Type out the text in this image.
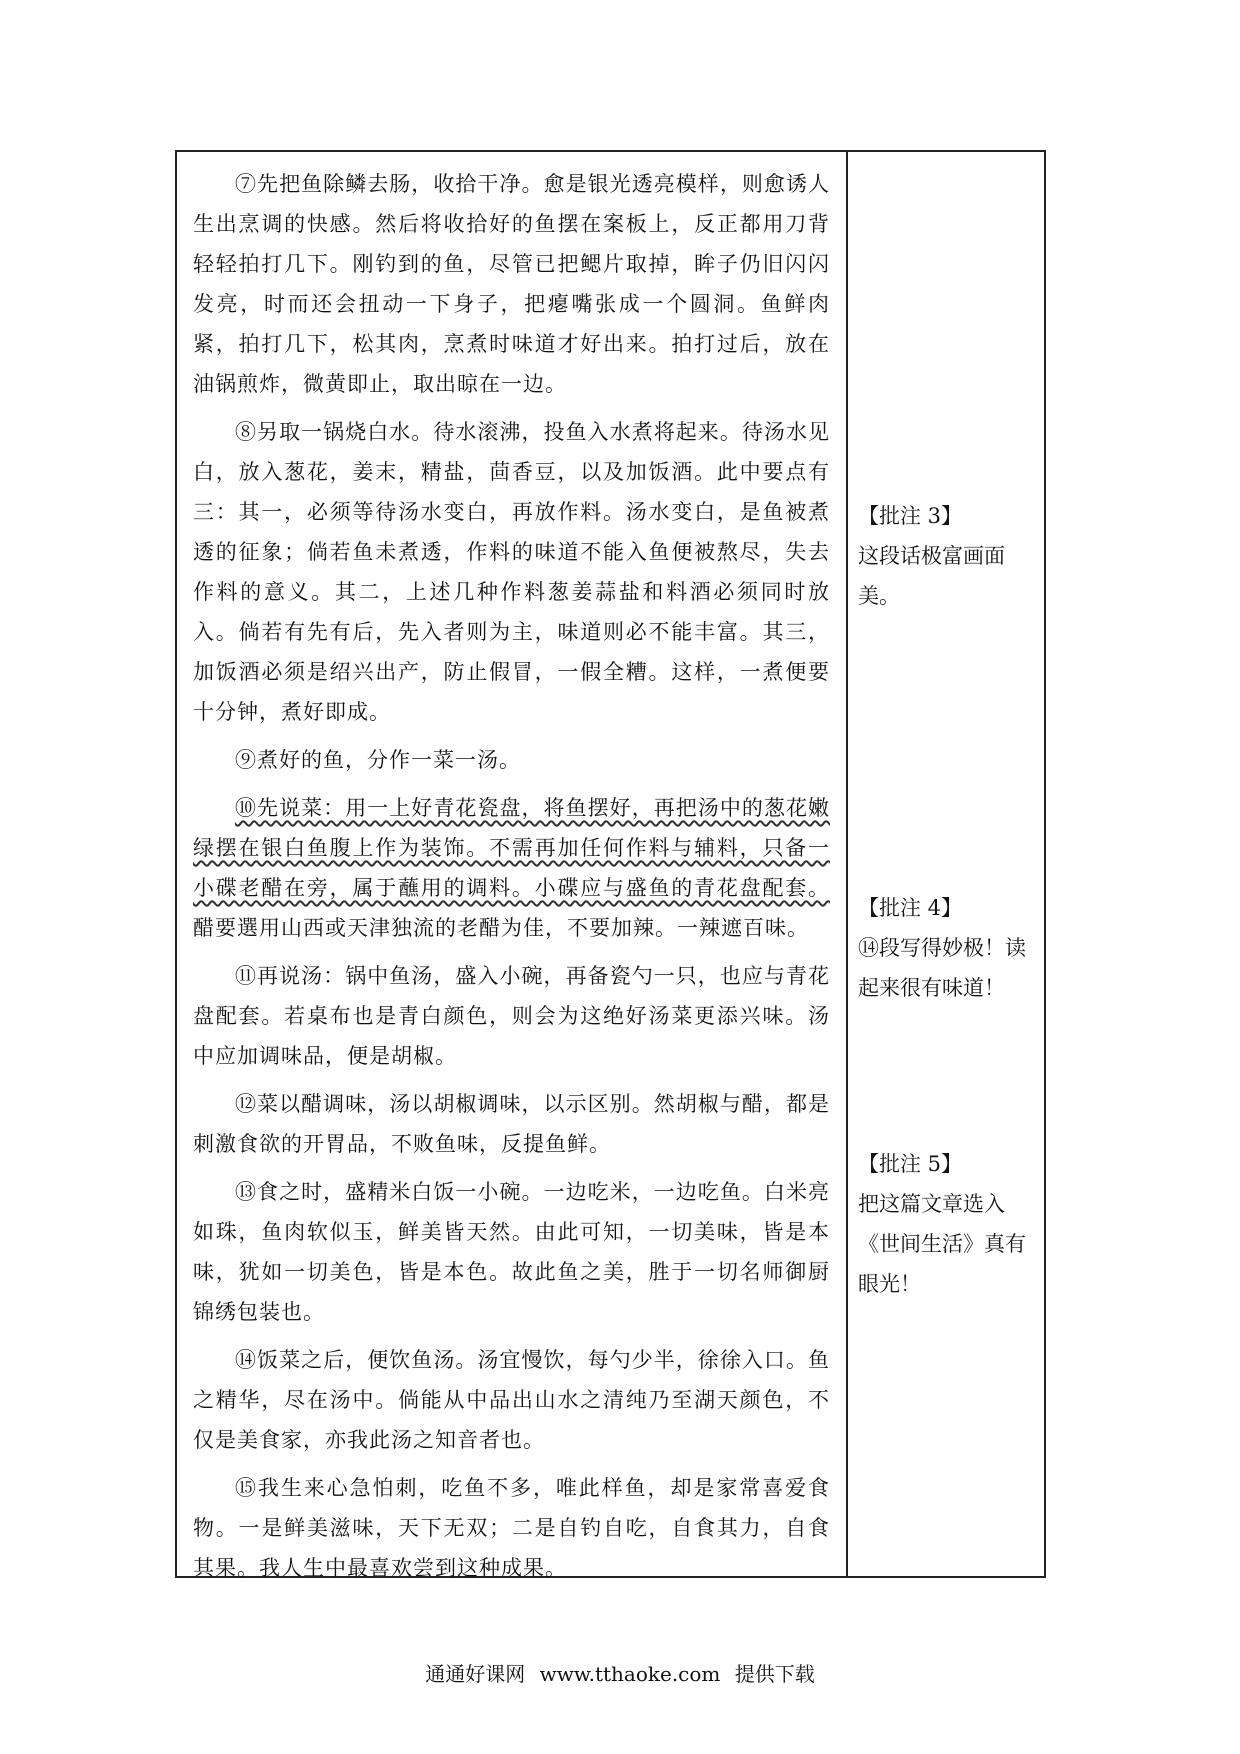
⑦先把鱼除鳞去肠，收拾干净。愈是银光透亮模样，则愈诱人生出烹调的快感。然后将收拾好的鱼摆在案板上，反正都用刀背轻轻拍打几下。刚钓到的鱼，尽管已把鳃片取掉，眸子仍旧闪闪发亮，时而还会扭动一下身子，把瘪嘴张成一个圆洞。鱼鲜肉紧，拍打几下，松其肉，烹煮时味道才好出来。拍打过后，放在油锅煎炸，微黄即止，取出晾在一边。

⑧另取一锅烧白水。待水滚沸，投鱼入水煮将起来。待汤水见白，放入葱花，姜末，精盐，茴香豆，以及加饭酒。此中要点有三：其一，必须等待汤水变白，再放作料。汤水变白，是鱼被煮透的征象；倘若鱼未煮透，作料的味道不能入鱼便被熬尽，失去作料的意义。其二，上述几种作料葱姜蒜盐和料酒必须同时放入。倘若有先有后，先入者则为主，味道则必不能丰富。其三，加饭酒必须是绍兴出产，防止假冒，一假全糟。这样，一煮便要十分钟，煮好即成。

⑨煮好的鱼，分作一菜一汤。

⑩先说菜：用一上好青花瓷盘，将鱼摆好，再把汤中的葱花嫩绿摆在银白鱼腹上作为装饰。不需再加任何作料与辅料，只备一小碟老醋在旁，属于蘸用的调料。小碟应与盛鱼的青花盘配套。醋要選用山西或天津独流的老醋为佳，不要加辣。一辣遮百味。

⑪再说汤：锅中鱼汤，盛入小碗，再备瓷勺一只，也应与青花盘配套。若桌布也是青白颜色，则会为这绝好汤菜更添兴味。汤中应加调味品，便是胡椒。

⑫菜以醋调味，汤以胡椒调味，以示区别。然胡椒与醋，都是刺激食欲的开胃品，不败鱼味，反提鱼鲜。

⑬食之时，盛精米白饭一小碗。一边吃米，一边吃鱼。白米亮如珠，鱼肉软似玉，鲜美皆天然。由此可知，一切美味，皆是本味，犹如一切美色，皆是本色。故此鱼之美，胜于一切名师御厨锦绣包装也。

⑭饭菜之后，便饮鱼汤。汤宜慢饮，每勺少半，徐徐入口。鱼之精华，尽在汤中。倘能从中品出山水之清纯乃至湖天颜色，不仅是美食家，亦我此汤之知音者也。

⑮我生来心急怕刺，吃鱼不多，唯此样鱼，却是家常喜爱食物。一是鲜美滋味，天下无双；二是自钓自吃，自食其力，自食其果。我人生中最喜欢尝到这种成果。

【批注 3】

这段话极富画面美。

【批注 4】

⑭段写得妙极！读起来很有味道！

【批注 5】

把这篇文章选入《世间生活》真有眼光！

通通好课网 www.tthaoke.com 提供下载
